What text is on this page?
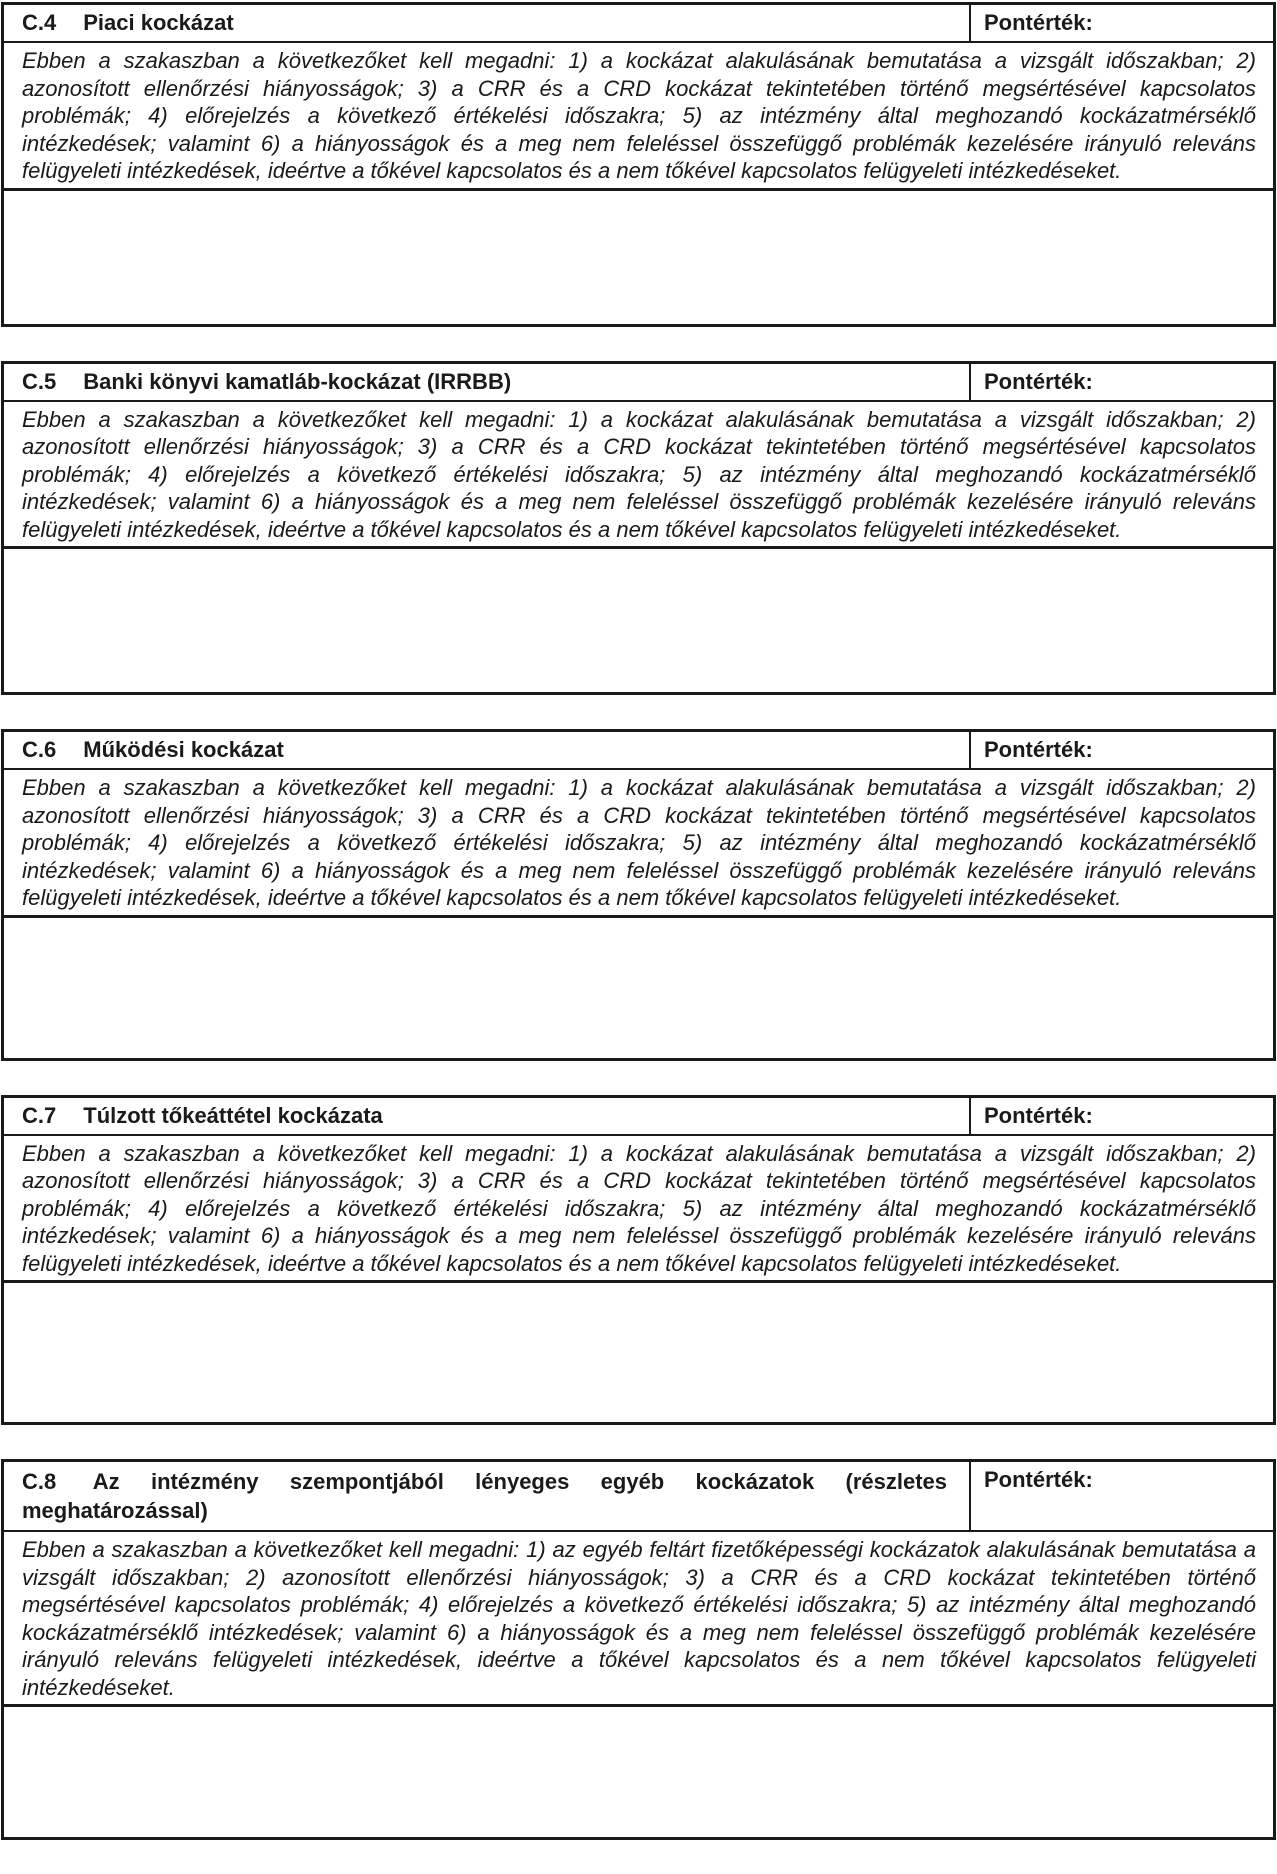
C.4 Piaci kockázat	Pontérték:
Ebben a szakaszban a következőket kell megadni: 1) a kockázat alakulásának bemutatása a vizsgált időszakban; 2) azonosított ellenőrzési hiányosságok; 3) a CRR és a CRD kockázat tekintetében történő megsértésével kapcsolatos problémák; 4) előrejelzés a következő értékelési időszakra; 5) az intézmény által meghozandó kockázatmérséklő intézkedések; valamint 6) a hiányosságok és a meg nem feleléssel összefüggő problémák kezelésére irányuló releváns felügyeleti intézkedések, ideértve a tőkével kapcsolatos és a nem tőkével kapcsolatos felügyeleti intézkedéseket.
C.5 Banki könyvi kamatláb-kockázat (IRRBB)	Pontérték:
Ebben a szakaszban a következőket kell megadni: 1) a kockázat alakulásának bemutatása a vizsgált időszakban; 2) azonosított ellenőrzési hiányosságok; 3) a CRR és a CRD kockázat tekintetében történő megsértésével kapcsolatos problémák; 4) előrejelzés a következő értékelési időszakra; 5) az intézmény által meghozandó kockázatmérséklő intézkedések; valamint 6) a hiányosságok és a meg nem feleléssel összefüggő problémák kezelésére irányuló releváns felügyeleti intézkedések, ideértve a tőkével kapcsolatos és a nem tőkével kapcsolatos felügyeleti intézkedéseket.
C.6 Működési kockázat	Pontérték:
Ebben a szakaszban a következőket kell megadni: 1) a kockázat alakulásának bemutatása a vizsgált időszakban; 2) azonosított ellenőrzési hiányosságok; 3) a CRR és a CRD kockázat tekintetében történő megsértésével kapcsolatos problémák; 4) előrejelzés a következő értékelési időszakra; 5) az intézmény által meghozandó kockázatmérséklő intézkedések; valamint 6) a hiányosságok és a meg nem feleléssel összefüggő problémák kezelésére irányuló releváns felügyeleti intézkedések, ideértve a tőkével kapcsolatos és a nem tőkével kapcsolatos felügyeleti intézkedéseket.
C.7 Túlzott tőkeáttétel kockázata	Pontérték:
Ebben a szakaszban a következőket kell megadni: 1) a kockázat alakulásának bemutatása a vizsgált időszakban; 2) azonosított ellenőrzési hiányosságok; 3) a CRR és a CRD kockázat tekintetében történő megsértésével kapcsolatos problémák; 4) előrejelzés a következő értékelési időszakra; 5) az intézmény által meghozandó kockázatmérséklő intézkedések; valamint 6) a hiányosságok és a meg nem feleléssel összefüggő problémák kezelésére irányuló releváns felügyeleti intézkedések, ideértve a tőkével kapcsolatos és a nem tőkével kapcsolatos felügyeleti intézkedéseket.
C.8 Az intézmény szempontjából lényeges egyéb kockázatok (részletes meghatározással)
Pontérték:
Ebben a szakaszban a következőket kell megadni: 1) az egyéb feltárt fizetőképességi kockázatok alakulásának bemutatása a vizsgált időszakban; 2) azonosított ellenőrzési hiányosságok; 3) a CRR és a CRD kockázat tekintetében történő megsértésével kapcsolatos problémák; 4) előrejelzés a következő értékelési időszakra; 5) az intézmény által meghozandó kockázatmérséklő intézkedések; valamint 6) a hiányosságok és a meg nem feleléssel összefüggő problémák kezelésére irányuló releváns felügyeleti intézkedések, ideértve a tőkével kapcsolatos és a nem tőkével kapcsolatos felügyeleti intézkedéseket.
